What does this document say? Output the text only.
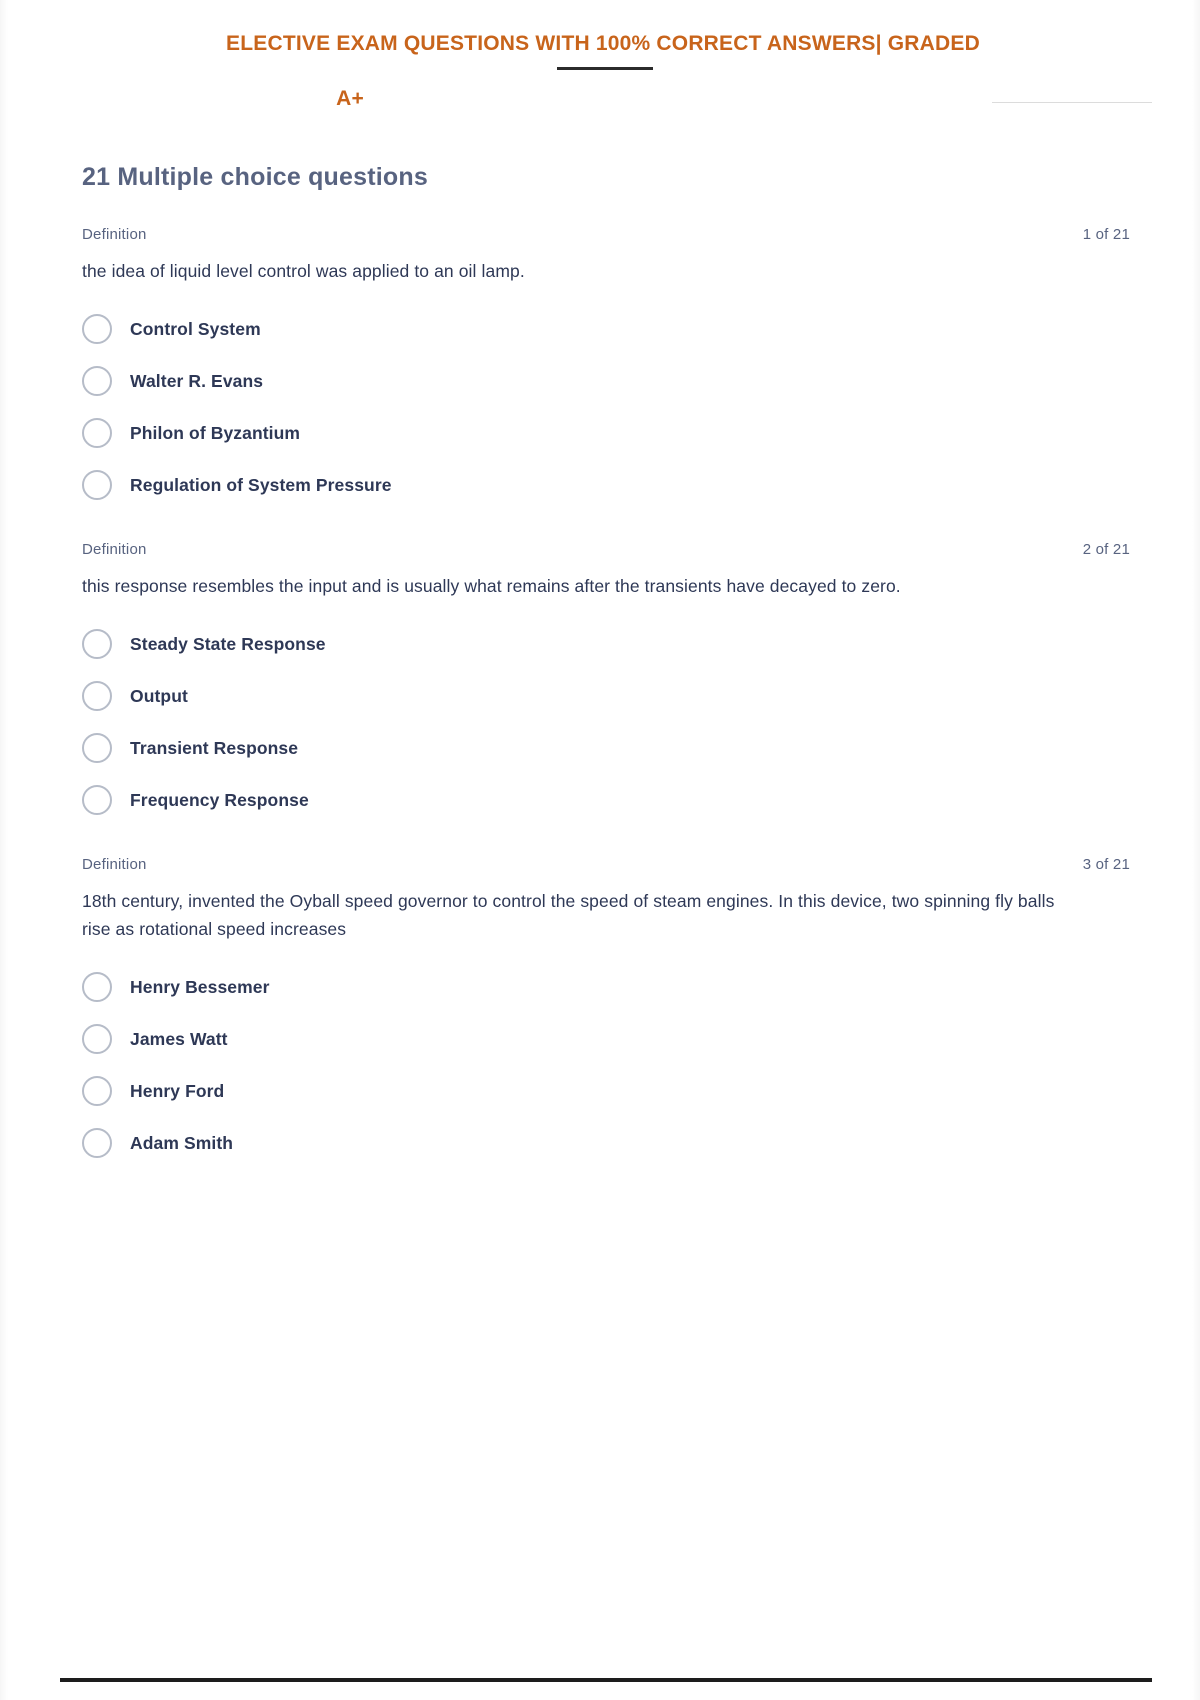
ELECTIVE EXAM QUESTIONS WITH 100% CORRECT ANSWERS| GRADED
A+
21 Multiple choice questions
Definition	1 of 21

the idea of liquid level control was applied to an oil lamp.

Control System
Walter R. Evans
Philon of Byzantium
Regulation of System Pressure
Definition	2 of 21

this response resembles the input and is usually what remains after the transients have decayed to zero.

Steady State Response
Output
Transient Response
Frequency Response
Definition	3 of 21

18th century, invented the Oyball speed governor to control the speed of steam engines. In this device, two spinning fly balls rise as rotational speed increases

Henry Bessemer
James Watt
Henry Ford
Adam Smith
